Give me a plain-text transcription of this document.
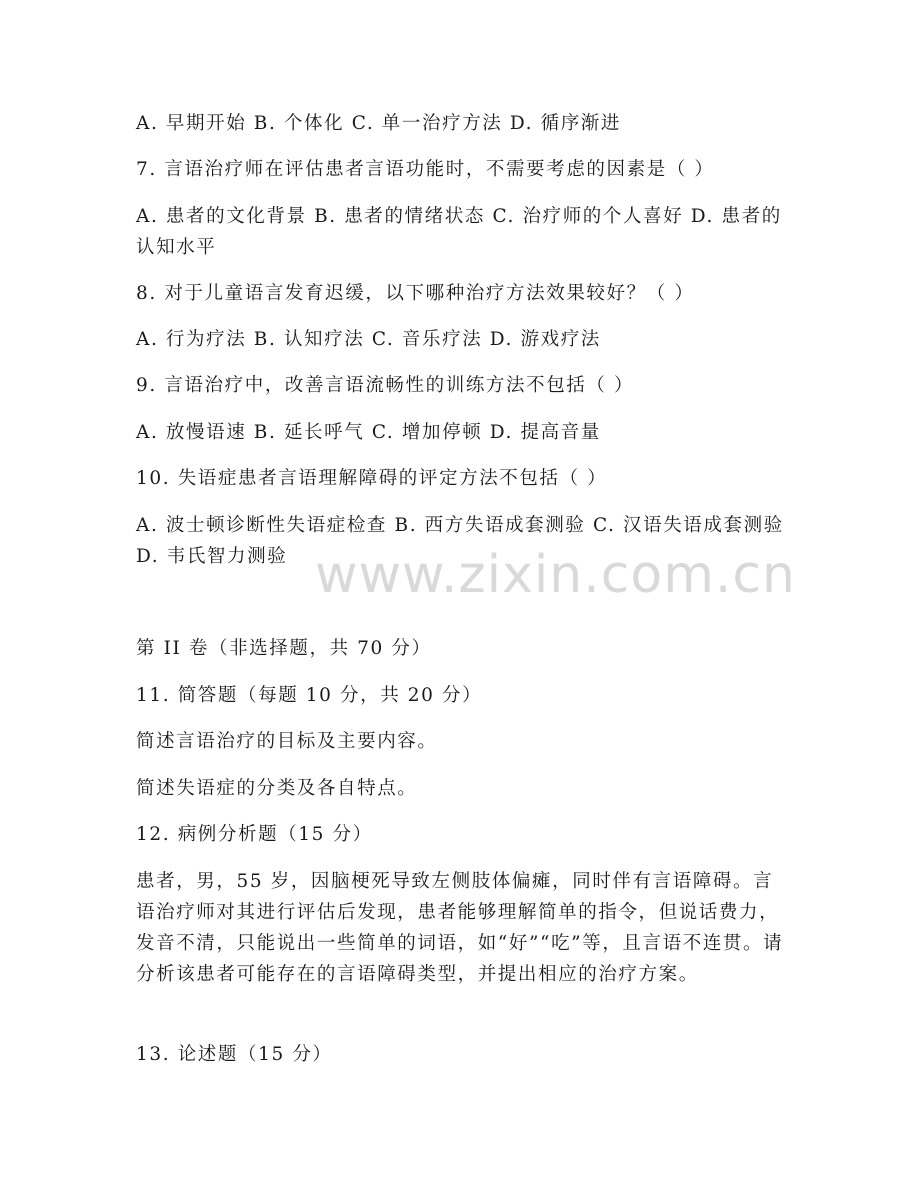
A. 早期开始 B. 个体化 C. 单一治疗方法 D. 循序渐进
7. 言语治疗师在评估患者言语功能时，不需要考虑的因素是（ ）
A. 患者的文化背景 B. 患者的情绪状态 C. 治疗师的个人喜好 D. 患者的认知水平
8. 对于儿童语言发育迟缓，以下哪种治疗方法效果较好？（ ）
A. 行为疗法 B. 认知疗法 C. 音乐疗法 D. 游戏疗法
9. 言语治疗中，改善言语流畅性的训练方法不包括（ ）
A. 放慢语速 B. 延长呼气 C. 增加停顿 D. 提高音量
10. 失语症患者言语理解障碍的评定方法不包括（ ）
A. 波士顿诊断性失语症检查 B. 西方失语成套测验 C. 汉语失语成套测验 D. 韦氏智力测验 www.zixin.com.cn
第 II 卷（非选择题，共 70 分）
11. 简答题（每题 10 分，共 20 分）
简述言语治疗的目标及主要内容。
简述失语症的分类及各自特点。
12. 病例分析题（15 分）
患者，男，55 岁，因脑梗死导致左侧肢体偏瘫，同时伴有言语障碍。言语治疗师对其进行评估后发现，患者能够理解简单的指令，但说话费力，发音不清，只能说出一些简单的词语，如“好”“吃”等，且言语不连贯。请分析该患者可能存在的言语障碍类型，并提出相应的治疗方案。
13. 论述题（15 分）
